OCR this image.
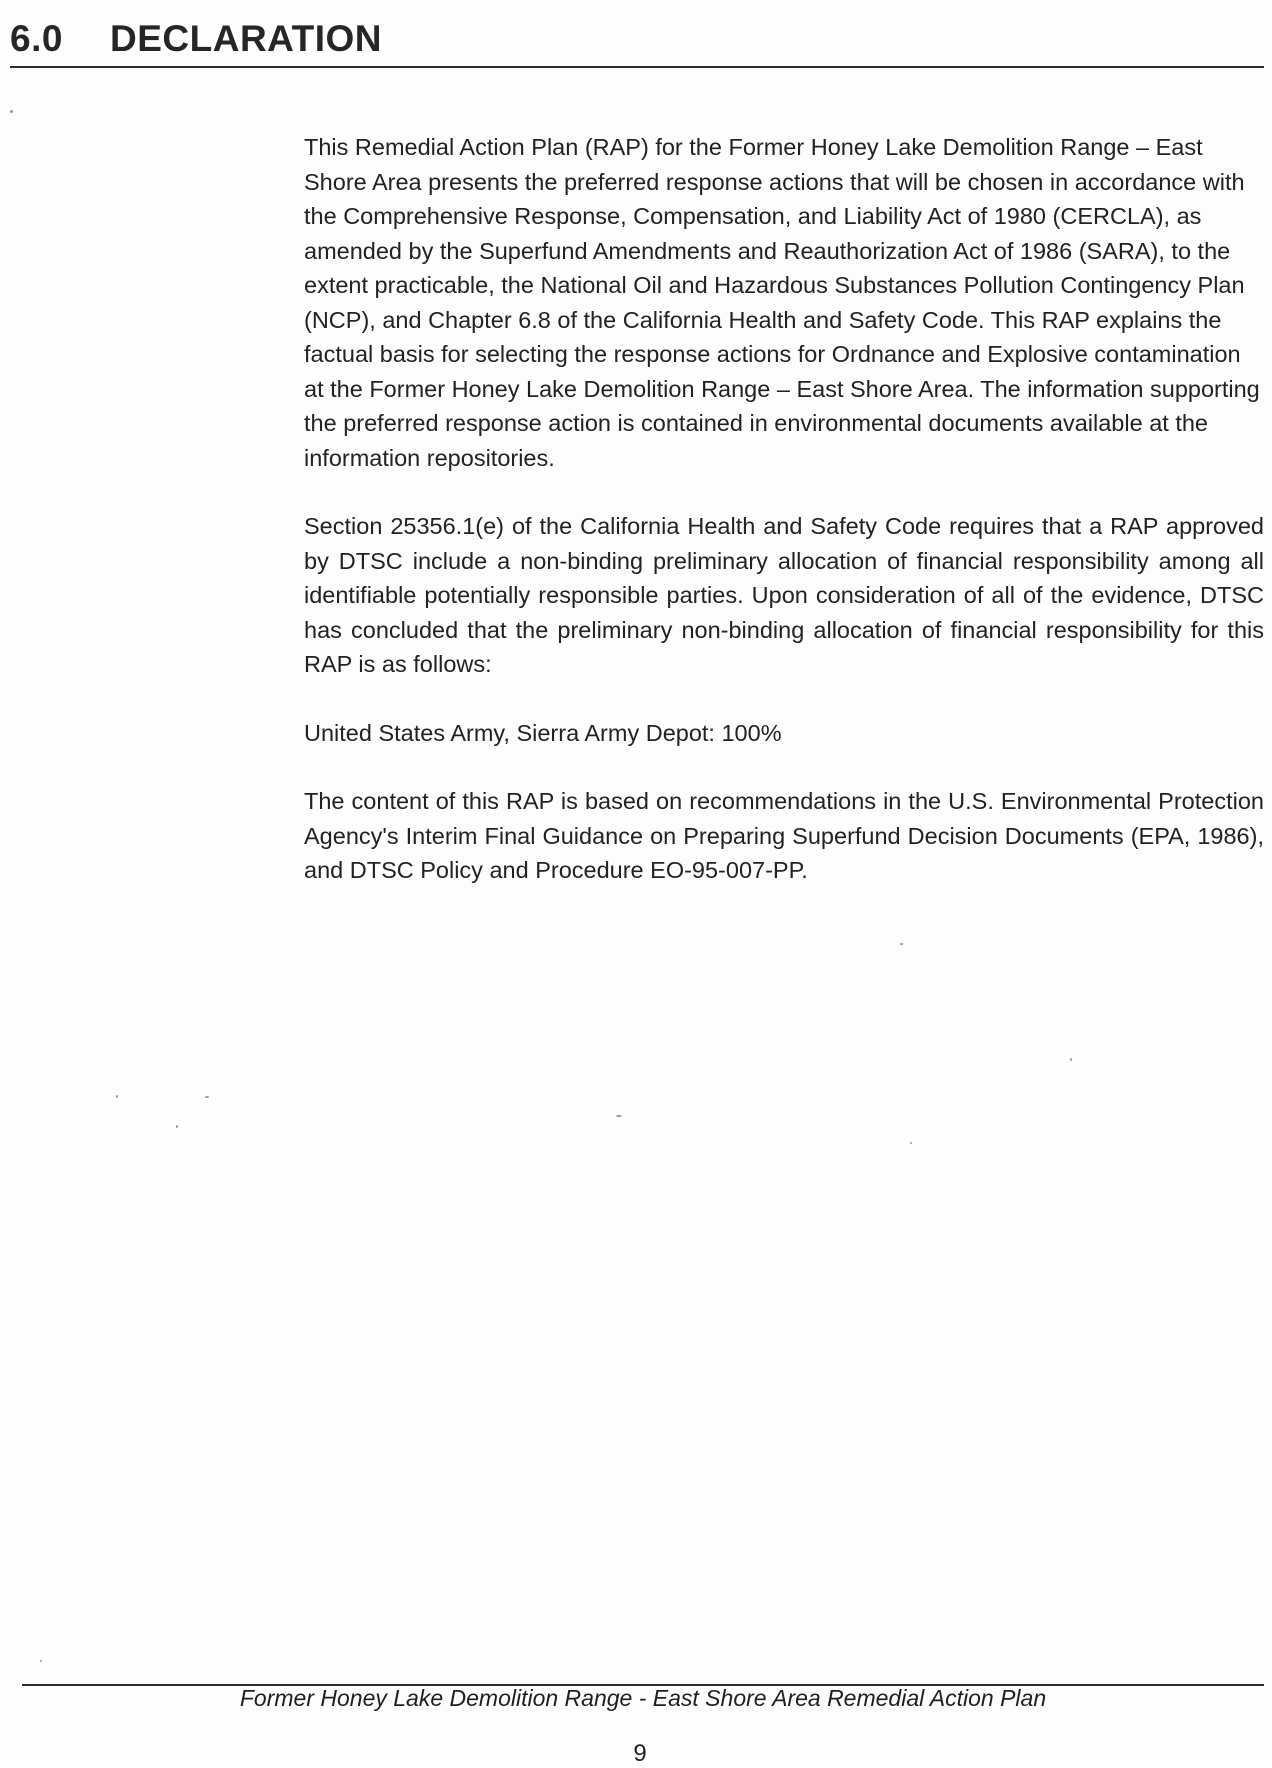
6.0 DECLARATION

This Remedial Action Plan (RAP) for the Former Honey Lake Demolition Range – East Shore Area presents the preferred response actions that will be chosen in accordance with the Comprehensive Response, Compensation, and Liability Act of 1980 (CERCLA), as amended by the Superfund Amendments and Reauthorization Act of 1986 (SARA), to the extent practicable, the National Oil and Hazardous Substances Pollution Contingency Plan (NCP), and Chapter 6.8 of the California Health and Safety Code. This RAP explains the factual basis for selecting the response actions for Ordnance and Explosive contamination at the Former Honey Lake Demolition Range – East Shore Area. The information supporting the preferred response action is contained in environmental documents available at the information repositories.

Section 25356.1(e) of the California Health and Safety Code requires that a RAP approved by DTSC include a non-binding preliminary allocation of financial responsibility among all identifiable potentially responsible parties. Upon consideration of all of the evidence, DTSC has concluded that the preliminary non-binding allocation of financial responsibility for this RAP is as follows:

United States Army, Sierra Army Depot: 100%

The content of this RAP is based on recommendations in the U.S. Environmental Protection Agency's Interim Final Guidance on Preparing Superfund Decision Documents (EPA, 1986), and DTSC Policy and Procedure EO-95-007-PP.

Former Honey Lake Demolition Range - East Shore Area Remedial Action Plan
9
